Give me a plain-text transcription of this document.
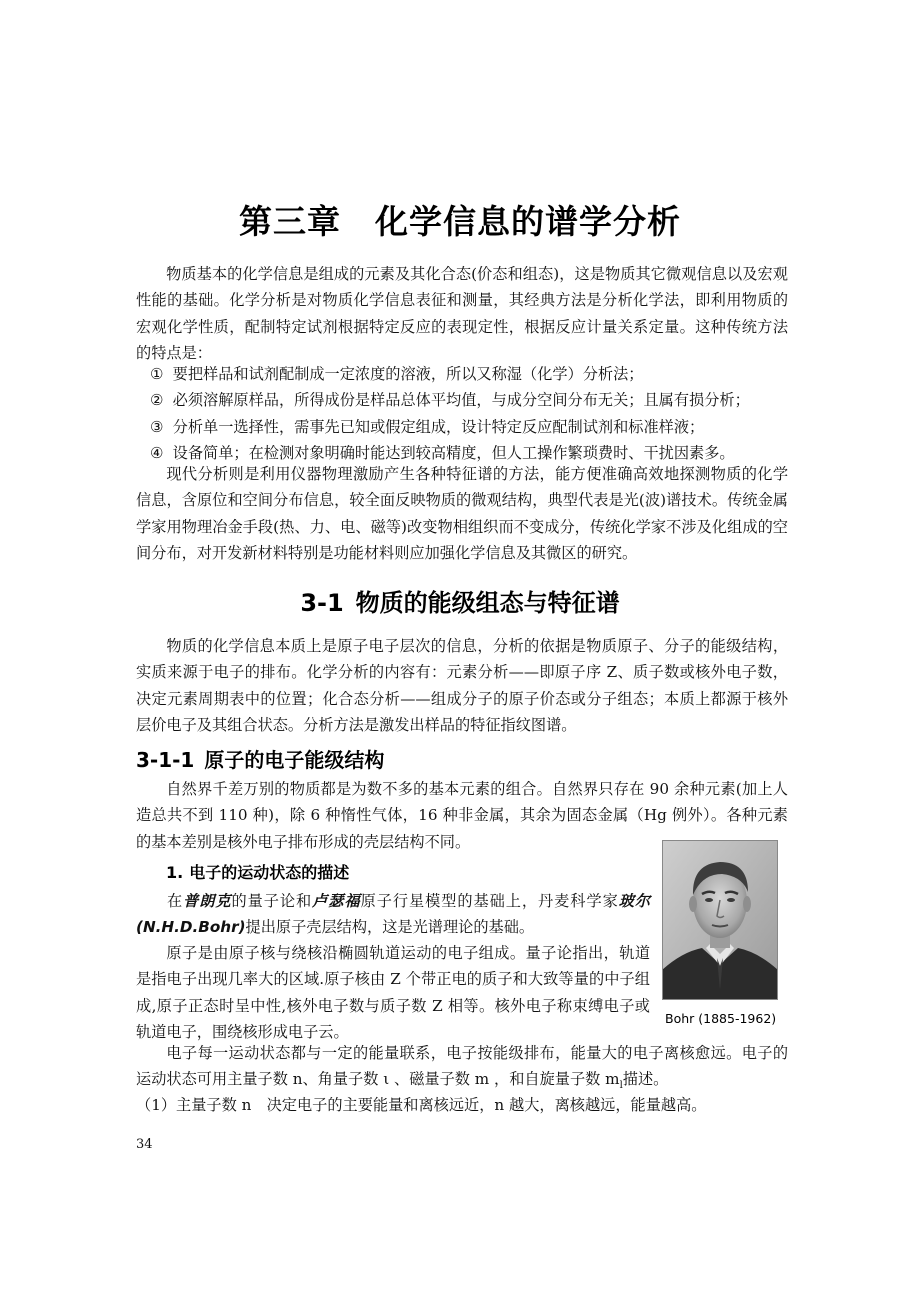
第三章 化学信息的谱学分析

物质基本的化学信息是组成的元素及其化合态(价态和组态)，这是物质其它微观信息以及宏观性能的基础。化学分析是对物质化学信息表征和测量，其经典方法是分析化学法，即利用物质的宏观化学性质，配制特定试剂根据特定反应的表现定性，根据反应计量关系定量。这种传统方法的特点是：

① 要把样品和试剂配制成一定浓度的溶液，所以又称湿（化学）分析法；
② 必须溶解原样品，所得成份是样品总体平均值，与成分空间分布无关；且属有损分析；
③ 分析单一选择性，需事先已知或假定组成，设计特定反应配制试剂和标准样液；
④ 设备简单；在检测对象明确时能达到较高精度，但人工操作繁琐费时、干扰因素多。

现代分析则是利用仪器物理激励产生各种特征谱的方法，能方便准确高效地探测物质的化学信息，含原位和空间分布信息，较全面反映物质的微观结构，典型代表是光(波)谱技术。传统金属学家用物理冶金手段(热、力、电、磁等)改变物相组织而不变成分，传统化学家不涉及化组成的空间分布，对开发新材料特别是功能材料则应加强化学信息及其微区的研究。

3-1 物质的能级组态与特征谱

物质的化学信息本质上是原子电子层次的信息，分析的依据是物质原子、分子的能级结构，实质来源于电子的排布。化学分析的内容有：元素分析——即原子序 Z、质子数或核外电子数，决定元素周期表中的位置；化合态分析——组成分子的原子价态或分子组态；本质上都源于核外层价电子及其组合状态。分析方法是激发出样品的特征指纹图谱。

3-1-1 原子的电子能级结构

自然界千差万别的物质都是为数不多的基本元素的组合。自然界只存在 90 余种元素(加上人造总共不到 110 种)，除 6 种惰性气体，16 种非金属，其余为固态金属（Hg 例外）。各种元素的基本差别是核外电子排布形成的壳层结构不同。

1. 电子的运动状态的描述

在普朗克的量子论和卢瑟福原子行星模型的基础上，丹麦科学家玻尔(N.H.D.Bohr)提出原子壳层结构，这是光谱理论的基础。

原子是由原子核与绕核沿椭圆轨道运动的电子组成。量子论指出，轨道是指电子出现几率大的区域.原子核由 Z 个带正电的质子和大致等量的中子组成,原子正态时呈中性,核外电子数与质子数 Z 相等。核外电子称束缚电子或轨道电子，围绕核形成电子云。

Bohr (1885-1962)

电子每一运动状态都与一定的能量联系，电子按能级排布，能量大的电子离核愈远。电子的运动状态可用主量子数 n、角量子数 ι 、磁量子数 m ，和自旋量子数 $m_l$描述。

（1）主量子数 n　决定电子的主要能量和离核远近，n 越大，离核越远，能量越高。

34
